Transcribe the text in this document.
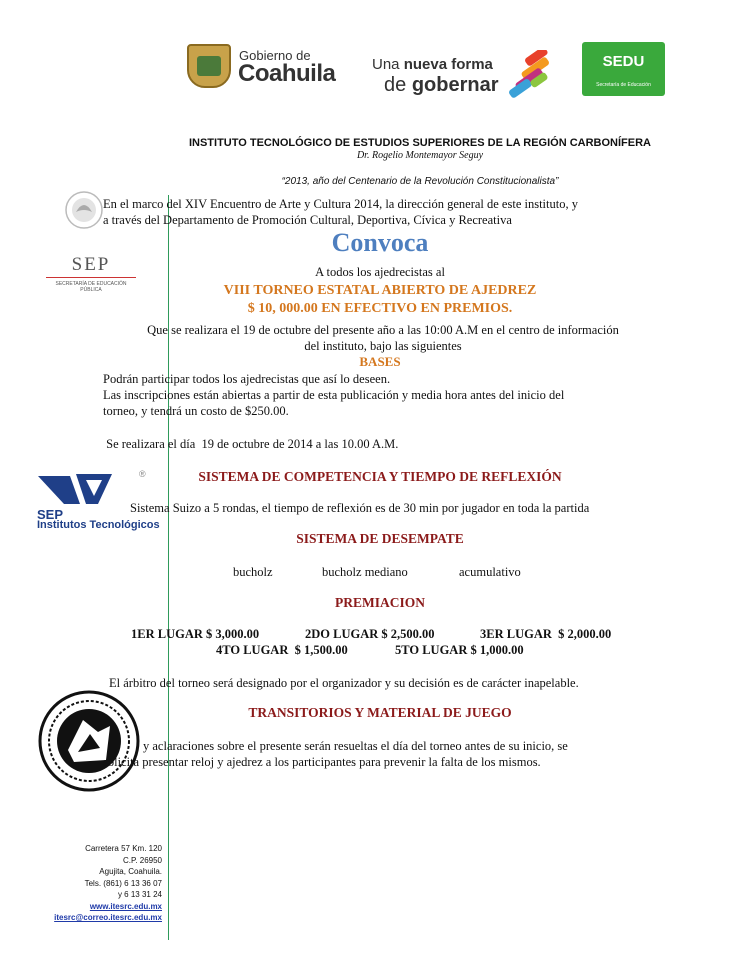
Gobierno de
Coahuila Una nueva forma
de gobernar
SEDU
Secretaría de Educación
INSTITUTO TECNOLÓGICO DE ESTUDIOS SUPERIORES DE LA REGIÓN CARBONÍFERA
Dr. Rogelio Montemayor Seguy
“2013, año del Centenario de la Revolución Constitucionalista”
SEP
SECRETARÍA DE EDUCACIÓN PÚBLICA
SEP
Institutos Tecnológicos
®
En el marco del XIV Encuentro de Arte y Cultura 2014, la dirección general de este instituto, y
a través del Departamento de Promoción Cultural, Deportiva, Cívica y Recreativa
Convoca
A todos los ajedrecistas al
VIII TORNEO ESTATAL ABIERTO DE AJEDREZ
$ 10, 000.00 EN EFECTIVO EN PREMIOS.
Que se realizara el 19 de octubre del presente año a las 10:00 A.M en el centro de información
del instituto, bajo las siguientes
BASES
Podrán participar todos los ajedrecistas que así lo deseen.
Las inscripciones están abiertas a partir de esta publicación y media hora antes del inicio del
torneo, y tendrá un costo de $250.00.
Se realizara el día  19 de octubre de 2014 a las 10.00 A.M.
SISTEMA DE COMPETENCIA Y TIEMPO DE REFLEXIÓN
Sistema Suizo a 5 rondas, el tiempo de reflexión es de 30 min por jugador en toda la partida
SISTEMA DE DESEMPATE
bucholz	bucholz mediano	acumulativo
PREMIACION
1ER LUGAR $ 3,000.00	2DO LUGAR $ 2,500.00	3ER LUGAR  $ 2,000.00
4TO LUGAR  $ 1,500.00	5TO LUGAR $ 1,000.00
El árbitro del torneo será designado por el organizador y su decisión es de carácter inapelable.
TRANSITORIOS Y MATERIAL DE JUEGO
y aclaraciones sobre el presente serán resueltas el día del torneo antes de su inicio, se
solicita presentar reloj y ajedrez a los participantes para prevenir la falta de los mismos.
Carretera 57 Km. 120
C.P. 26950
Agujita, Coahuila.
Tels. (861) 6 13 36 07
y 6 13 31 24
www.itesrc.edu.mx
itesrc@correo.itesrc.edu.mx
